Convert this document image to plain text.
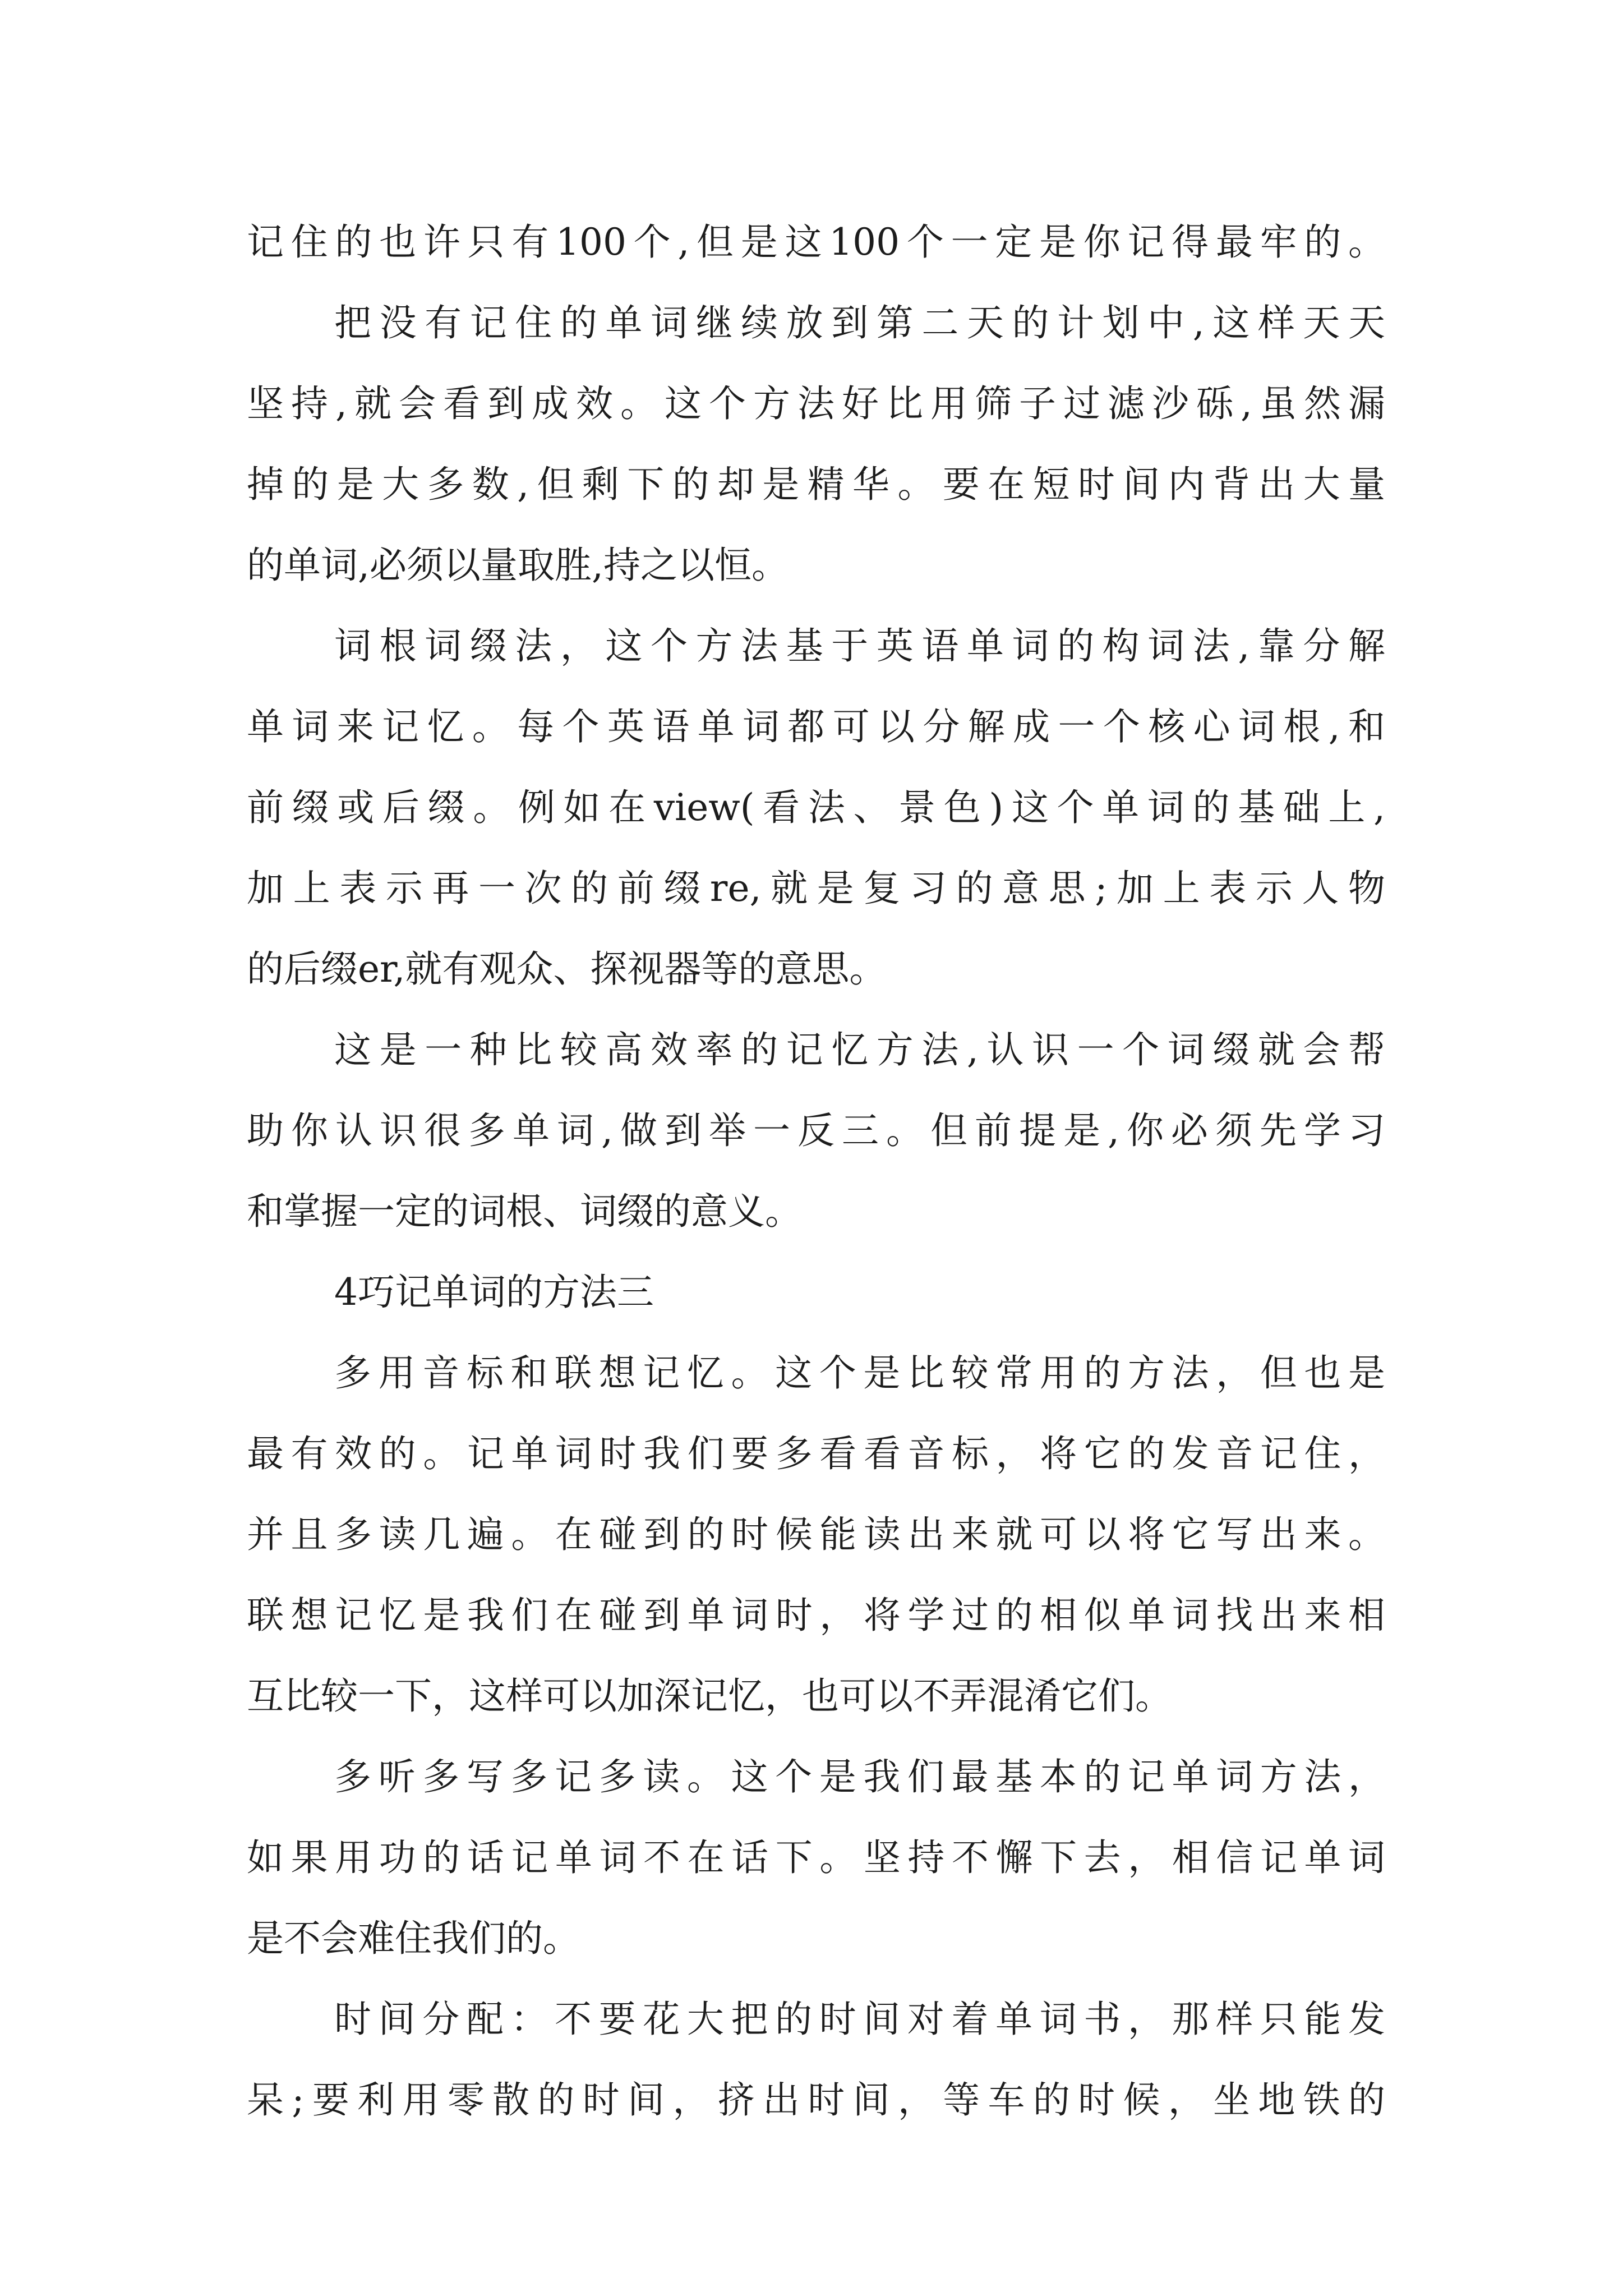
记住的也许只有100个,但是这100个一定是你记得最牢的。

把没有记住的单词继续放到第二天的计划中,这样天天

坚持,就会看到成效。这个方法好比用筛子过滤沙砾,虽然漏

掉的是大多数,但剩下的却是精华。要在短时间内背出大量

的单词,必须以量取胜,持之以恒。

词根词缀法，这个方法基于英语单词的构词法,靠分解

单词来记忆。每个英语单词都可以分解成一个核心词根,和

前缀或后缀。例如在view(看法、景色)这个单词的基础上,

加上表示再一次的前缀re,就是复习的意思;加上表示人物

的后缀er,就有观众、探视器等的意思。

这是一种比较高效率的记忆方法,认识一个词缀就会帮

助你认识很多单词,做到举一反三。但前提是,你必须先学习

和掌握一定的词根、词缀的意义。

4巧记单词的方法三

多用音标和联想记忆。这个是比较常用的方法，但也是

最有效的。记单词时我们要多看看音标，将它的发音记住，

并且多读几遍。在碰到的时候能读出来就可以将它写出来。

联想记忆是我们在碰到单词时，将学过的相似单词找出来相

互比较一下，这样可以加深记忆，也可以不弄混淆它们。

多听多写多记多读。这个是我们最基本的记单词方法，

如果用功的话记单词不在话下。坚持不懈下去，相信记单词

是不会难住我们的。

时间分配：不要花大把的时间对着单词书，那样只能发

呆;要利用零散的时间，挤出时间，等车的时候，坐地铁的
